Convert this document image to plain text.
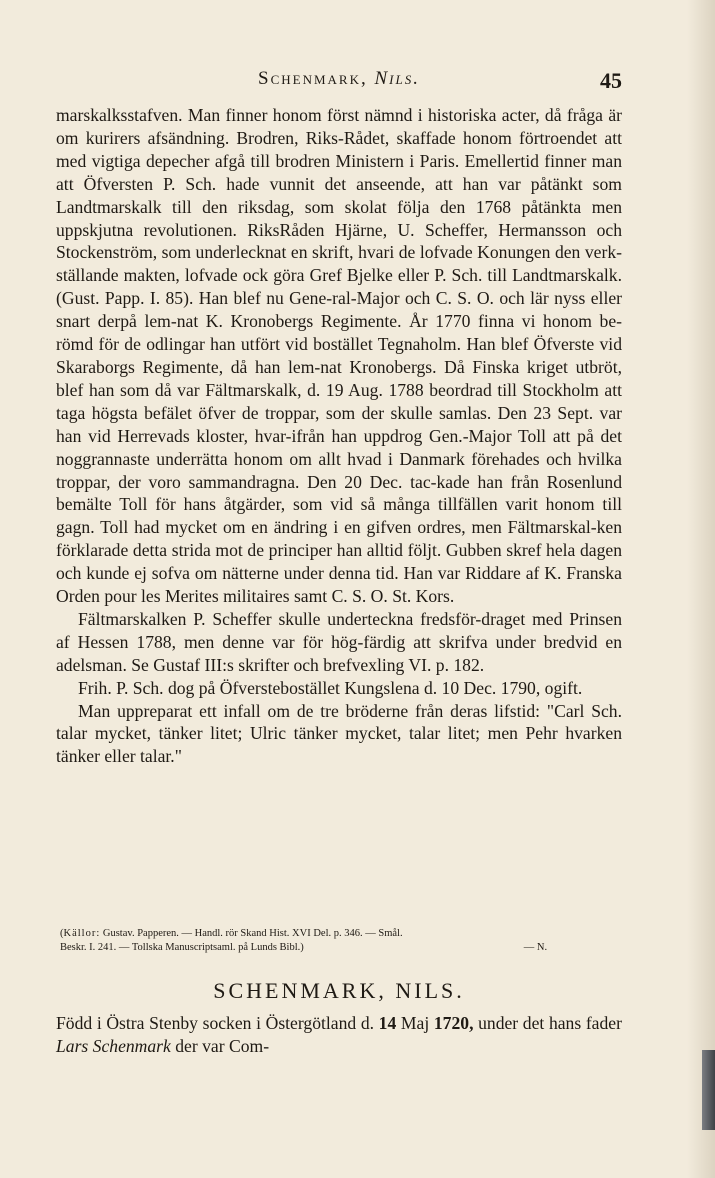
Schenmark, Nils.	45

marskalksstafven. Man finner honom först nämnd i historiska acter, då fråga är om kurirers afsändning. Brodren, Riks-Rådet, skaffade honom förtroendet att med vigtiga depecher afgå till brodren Ministern i Paris. Emellertid finner man att Öfversten P. Sch. hade vunnit det anseende, att han var påtänkt som Landtmarskalk till den riksdag, som skolat följa den 1768 påtänkta men uppskjutna revolutionen. RiksRåden Hjärne, U. Scheffer, Hermansson och Stockenström, som underlecknat en skrift, hvari de lofvade Konungen den verk-ställande makten, lofvade ock göra Gref Bjelke eller P. Sch. till Landtmarskalk. (Gust. Papp. I. 85). Han blef nu Gene-ral-Major och C. S. O. och lär nyss eller snart derpå lem-nat K. Kronobergs Regimente. År 1770 finna vi honom be-römd för de odlingar han utfört vid bostället Tegnaholm. Han blef Öfverste vid Skaraborgs Regimente, då han lem-nat Kronobergs. Då Finska kriget utbröt, blef han som då var Fältmarskalk, d. 19 Aug. 1788 beordrad till Stockholm att taga högsta befälet öfver de troppar, som der skulle samlas. Den 23 Sept. var han vid Herrevads kloster, hvar-ifrån han uppdrog Gen.-Major Toll att på det noggrannaste underrätta honom om allt hvad i Danmark förehades och hvilka troppar, der voro sammandragna. Den 20 Dec. tac-kade han från Rosenlund bemälte Toll för hans åtgärder, som vid så många tillfällen varit honom till gagn. Toll had mycket om en ändring i en gifven ordres, men Fältmarskal-ken förklarade detta strida mot de principer han alltid följt. Gubben skref hela dagen och kunde ej sofva om nätterne under denna tid. Han var Riddare af K. Franska Orden pour les Merites militaires samt C. S. O. St. Kors.

Fältmarskalken P. Scheffer skulle underteckna fredsför-draget med Prinsen af Hessen 1788, men denne var för hög-färdig att skrifva under bredvid en adelsman. Se Gustaf III:s skrifter och brefvexling VI. p. 182.

Frih. P. Sch. dog på Öfverstebostället Kungslena d. 10 Dec. 1790, ogift.

Man uppreparat ett infall om de tre bröderne från deras lifstid: "Carl Sch. talar mycket, tänker litet; Ulric tänker mycket, talar litet; men Pehr hvarken tänker eller talar."

(Källor: Gustav. Papperen. — Handl. rör Skand Hist. XVI Del. p. 346. — Smål.
Beskr. I. 241. — Tollska Manuscriptsaml. på Lunds Bibl.)	— N.
SCHENMARK, NILS.
Född i Östra Stenby socken i Östergötland d. 14 Maj 1720, under det hans fader Lars Schenmark der var Com-
